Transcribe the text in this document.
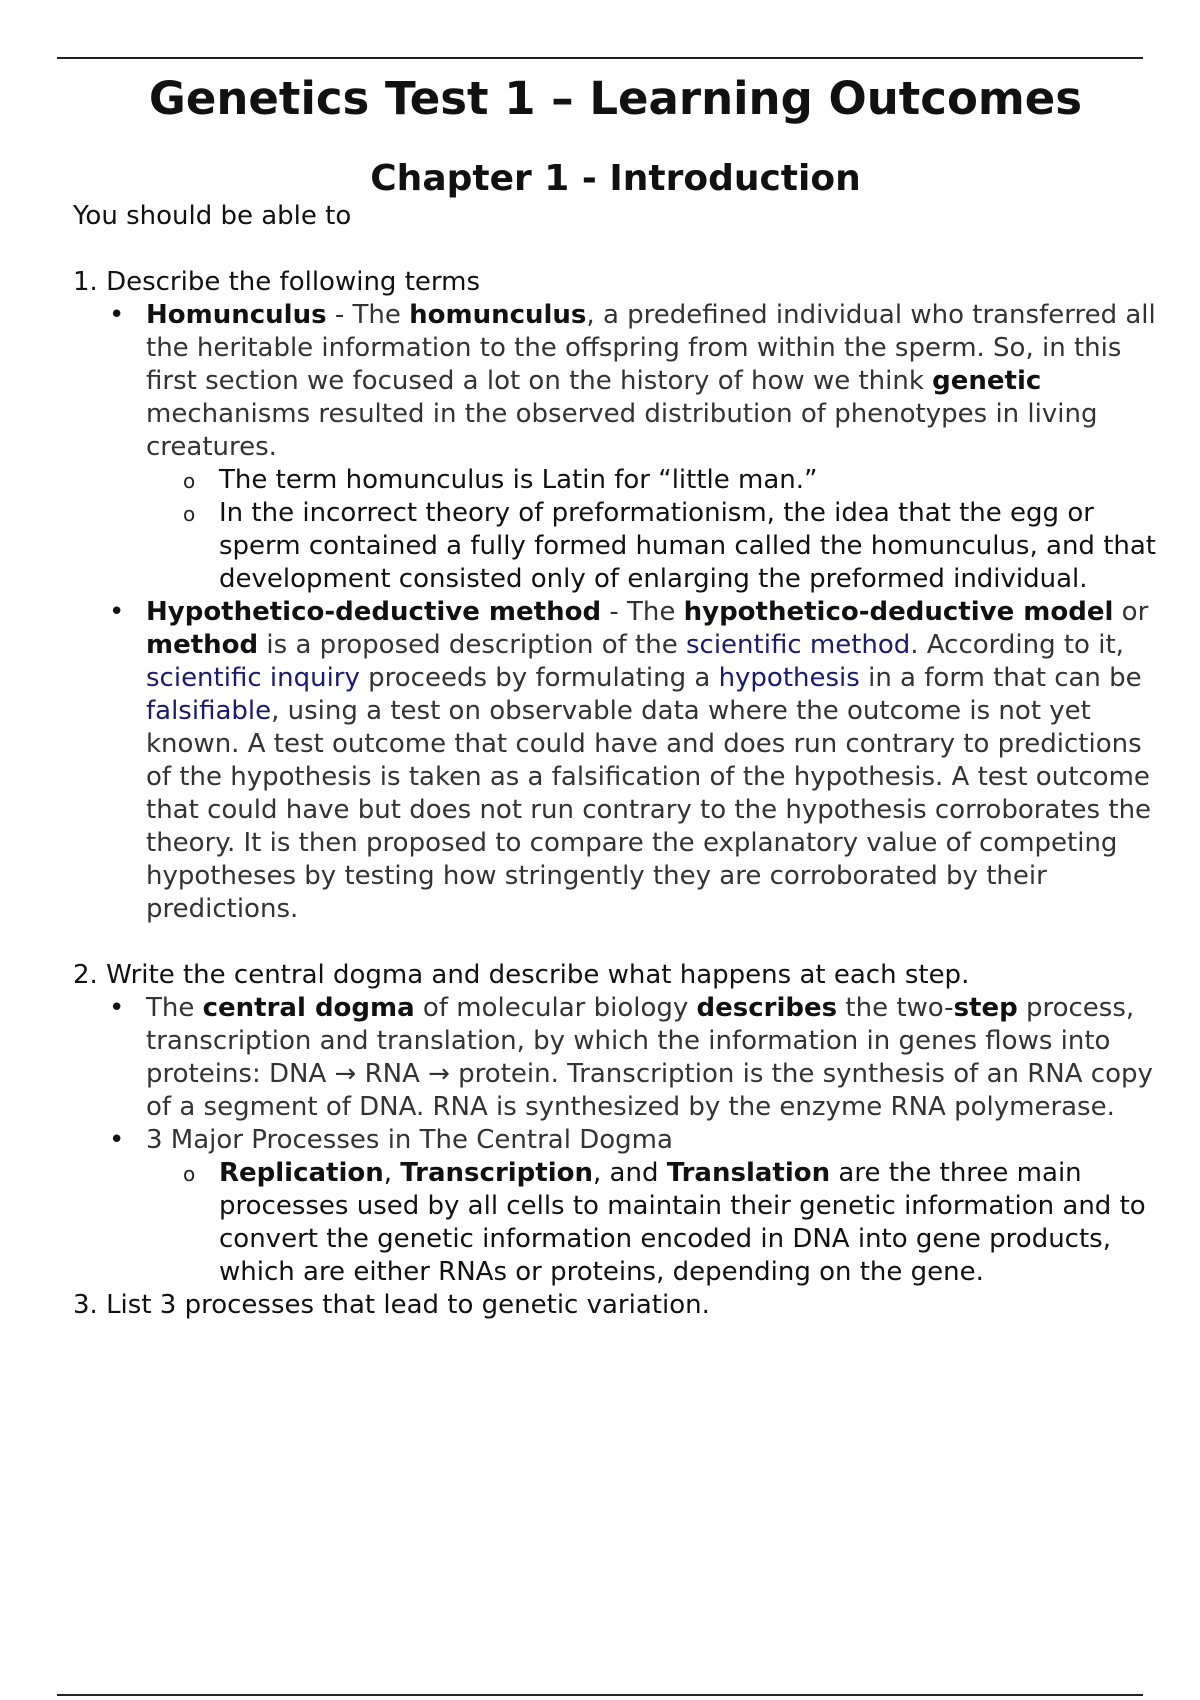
Genetics Test 1 – Learning Outcomes
Chapter 1 - Introduction

You should be able to

1. Describe the following terms
• Homunculus - The homunculus, a predefined individual who transferred all the heritable information to the offspring from within the sperm. So, in this first section we focused a lot on the history of how we think genetic mechanisms resulted in the observed distribution of phenotypes in living creatures.
o The term homunculus is Latin for “little man.”
o In the incorrect theory of preformationism, the idea that the egg or sperm contained a fully formed human called the homunculus, and that development consisted only of enlarging the preformed individual.
• Hypothetico-deductive method - The hypothetico-deductive model or method is a proposed description of the scientific method. According to it, scientific inquiry proceeds by formulating a hypothesis in a form that can be falsifiable, using a test on observable data where the outcome is not yet known. A test outcome that could have and does run contrary to predictions of the hypothesis is taken as a falsification of the hypothesis. A test outcome that could have but does not run contrary to the hypothesis corroborates the theory. It is then proposed to compare the explanatory value of competing hypotheses by testing how stringently they are corroborated by their predictions.
2. Write the central dogma and describe what happens at each step.
• The central dogma of molecular biology describes the two-step process, transcription and translation, by which the information in genes flows into proteins: DNA → RNA → protein. Transcription is the synthesis of an RNA copy of a segment of DNA. RNA is synthesized by the enzyme RNA polymerase.
• 3 Major Processes in The Central Dogma
o Replication, Transcription, and Translation are the three main processes used by all cells to maintain their genetic information and to convert the genetic information encoded in DNA into gene products, which are either RNAs or proteins, depending on the gene.
3. List 3 processes that lead to genetic variation.
